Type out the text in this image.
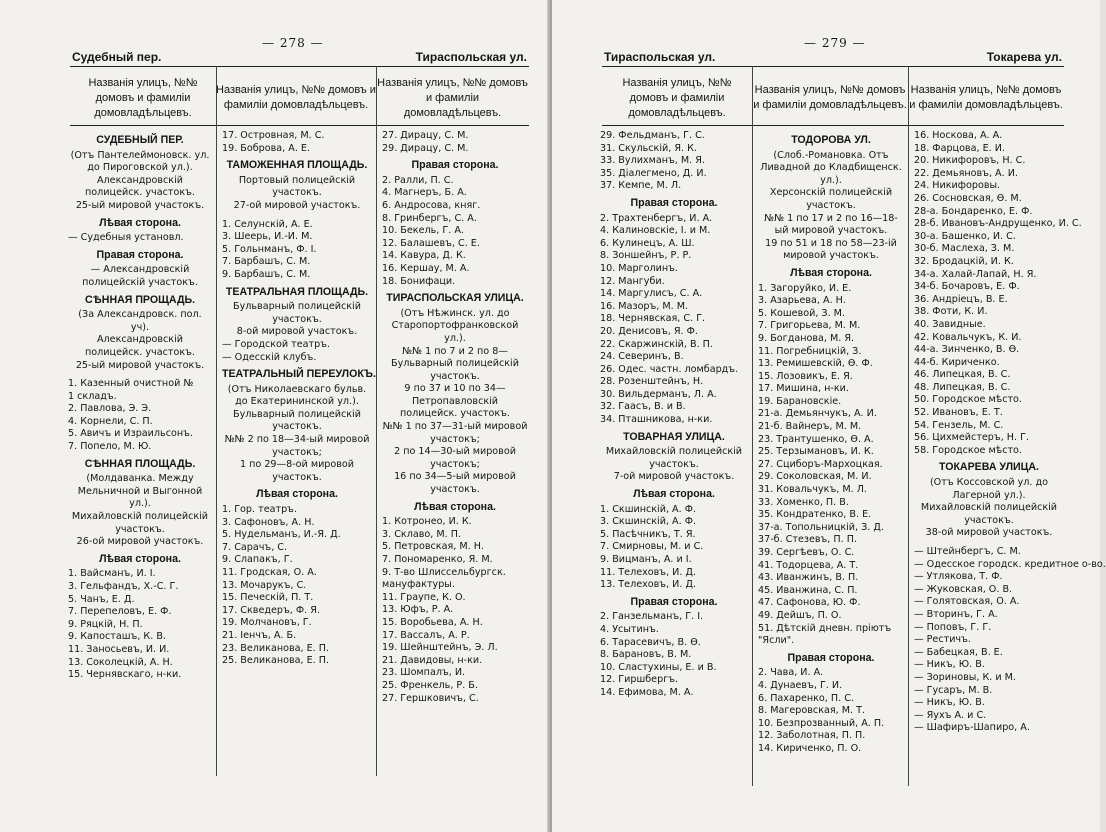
— 278 —
Судебный пер.	Тираспольская ул.
Названія улицъ, №№ домовъ и фамиліи домовладѣльцевъ.
Названія улицъ, №№ домовъ и фамиліи домовладѣльцевъ.
Названія улицъ, №№ домовъ и фамиліи домовладѣльцевъ.
СУДЕБНЫЙ ПЕР.
(Отъ Пантелеймоновск. ул. до Пироговской ул.).
Александровскій полицейск. участокъ.
25-ый мировой участокъ.
Лѣвая сторона.
— Судебныя установл.
Правая сторона.
— Александровскій полицейскій участокъ.
СѢННАЯ ПРОЩАДЬ.
(За Александровск. пол. уч).
Александровскій полицейск. участокъ.
25-ый мировой участокъ.
1. Казенный очистной №
1 складъ.
2. Павлова, Э. Э.
4. Корнели, С. П.
5. Авичъ и Израильсонъ.
7. Попело, М. Ю.
СѢННАЯ ПЛОЩАДЬ.
(Молдаванка. Между Мельничной и Выгонной ул.).
Михайловскій полицейскій участокъ.
26-ой мировой участокъ.
Лѣвая сторона.
1. Вайсманъ, И. І.
3. Гельфандъ, Х.-С. Г.
5. Чанъ, Е. Д.
7. Перепеловъ, Е. Ф.
9. Ряцкій, Н. П.
9. Капосташъ, К. В.
11. Заносьевъ, И. И.
13. Соколецкій, А. Н.
15. Чернявскаго, н-ки.
17. Островная, М. С.
19. Боброва, А. Е.
ТАМОЖЕННАЯ ПЛОЩАДЬ.
Портовый полицейскій участокъ.
27-ой мировой участокъ.
1. Селунскій, А. Е.
3. Шеерь, И.-И. М.
5. Гольнманъ, Ф. І.
7. Барбашъ, С. М.
9. Барбашъ, С. М.
ТЕАТРАЛЬНАЯ ПЛОЩАДЬ.
Бульварный полицейскій участокъ.
8-ой мировой участокъ.
— Городской театръ.
— Одесскій клубъ.
ТЕАТРАЛЬНЫЙ ПЕРЕУЛОКЪ.
(Отъ Николаевскаго бульв. до Екатерининской ул.).
Бульварный полицейскій участокъ.
№№ 2 по 18—34-ый мировой участокъ;
1 по 29—8-ой мировой участокъ.
Лѣвая сторона.
1. Гор. театръ.
3. Сафоновъ, А. Н.
5. Нудельманъ, И.-Я. Д.
7. Сарачъ, С.
9. Слапакъ, Г.
11. Гродская, О. А.
13. Мочарукъ, С.
15. Печескій, П. Т.
17. Скведеръ, Ф. Я.
19. Молчановъ, Г.
21. Іенчъ, А. Б.
23. Великанова, Е. П.
25. Великанова, Е. П.
27. Дирацу, С. М.
29. Дирацу, С. М.
Правая сторона.
2. Ралли, П. С.
4. Магнеръ, Б. А.
6. Андросова, княг.
8. Гринбергъ, С. А.
10. Бекель, Г. А.
12. Балашевъ, С. Е.
14. Кавура, Д. К.
16. Кершау, М. А.
18. Бонифаци.
ТИРАСПОЛЬСКАЯ УЛИЦА.
(Отъ Нѣжинск. ул. до Старопортофранковской ул.).
№№ 1 по 7 и 2 по 8—Бульварный полицейскій участокъ.
9 по 37 и 10 по 34—Петропавловскій полицейск. участокъ.
№№ 1 по 37—31-ый мировой участокъ;
2 по 14—30-ый мировой участокъ;
16 по 34—5-ый мировой участокъ.
Лѣвая сторона.
1. Котронео, И. К.
3. Склаво, М. П.
5. Петровская, М. Н.
7. Пономаренко, Я. М.
9. Т-во Шлиссельбургск.
мануфактуры.
11. Граупе, К. О.
13. Юфъ, Р. А.
15. Воробьева, А. Н.
17. Вассалъ, А. Р.
19. Шейнштейнъ, Э. Л.
21. Давидовы, н-ки.
23. Шомпалъ, И.
25. Френкель, Р. Б.
27. Гершковичъ, С.
— 279 —
Тираспольская ул.	Токарева ул.
Названія улицъ, №№ домовъ и фамиліи домовладѣльцевъ.
Названія улицъ, №№ домовъ и фамиліи домовладѣльцевъ.
Названія улицъ, №№ домовъ и фамиліи домовладѣльцевъ.
29. Фельдманъ, Г. С.
31. Скульскій, Я. К.
33. Вулихманъ, М. Я.
35. Діалегмено, Д. И.
37. Кемпе, М. Л.
Правая сторона.
2. Трахтенбергъ, И. А.
4. Калиновскіе, І. и М.
6. Кулинецъ, А. Ш.
8. Зоншейнъ, Р. Р.
10. Марголинъ.
12. Мангуби.
14. Маргулисъ, С. А.
16. Мазоръ, М. М.
18. Чернявская, С. Г.
20. Денисовъ, Я. Ф.
22. Скаржинскій, В. П.
24. Северинъ, В.
26. Одес. частн. ломбардъ.
28. Розенштейнъ, Н.
30. Вильдерманъ, Л. А.
32. Гаасъ, В. и В.
34. Пташникова, н-ки.
ТОВАРНАЯ УЛИЦА.
Михайловскій полицейскій участокъ.
7-ой мировой участокъ.
Лѣвая сторона.
1. Скшинскій, А. Ф.
3. Скшинскій, А. Ф.
5. Пасѣчникъ, Т. Я.
7. Смирновы, М. и С.
9. Вицманъ, А. и І.
11. Телеховъ, И. Д.
13. Телеховъ, И. Д.
Правая сторона.
2. Ганзельманъ, Г. І.
4. Усытинъ.
6. Тарасевичъ, В. Ѳ.
8. Барановъ, В. М.
10. Сластухины, Е. и В.
12. Гиршбергъ.
14. Ефимова, М. А.
ТОДОРОВА УЛ.
(Слоб.-Романовка. Отъ Ливадной до Кладбищенск. ул.).
Херсонскій полицейскій участокъ.
№№ 1 по 17 и 2 по 16—18-ый мировой участокъ.
19 по 51 и 18 по 58—23-ій мировой участокъ.
Лѣвая сторона.
1. Загоруйко, И. Е.
3. Азарьева, А. Н.
5. Кошевой, З. М.
7. Григорьева, М. М.
9. Богданова, М. Я.
11. Погребницкій, З.
13. Ремишевскій, Ѳ. Ф.
15. Лозовикъ, Е. Я.
17. Мишина, н-ки.
19. Барановскіе.
21-а. Демьянчукъ, А. И.
21-б. Вайнеръ, М. М.
23. Трантушенко, Ѳ. А.
25. Терзымановъ, И. К.
27. Сциборъ-Мархоцкая.
29. Соколовская, М. И.
31. Ковальчукъ, М. Л.
33. Хоменко, П. В.
35. Кондратенко, В. Е.
37-а. Топольницкій, З. Д.
37-б. Стезевъ, П. П.
39. Сергѣевъ, О. С.
41. Тодорцева, А. Т.
43. Иванжинъ, В. П.
45. Иванжина, С. П.
47. Сафонова, Ю. Ф.
49. Дейшъ, П. О.
51. Дѣтскій дневн. пріютъ
"Ясли".
Правая сторона.
2. Чава, И. А.
4. Дунаевъ, Г. И.
6. Пахаренко, П. С.
8. Магеровская, М. Т.
10. Безпрозванный, А. П.
12. Заболотная, П. П.
14. Кириченко, П. О.
16. Носкова, А. А.
18. Фарцова, Е. И.
20. Никифоровъ, Н. С.
22. Демьяновъ, А. И.
24. Никифоровы.
26. Сосновская, Ѳ. М.
28-а. Бондаренко, Е. Ф.
28-б. Ивановъ-Андрущенко, И. С.
30-а. Башенко, И. С.
30-б. Маслеха, З. М.
32. Бродацкій, И. К.
34-а. Халай-Лапай, Н. Я.
34-б. Бочаровъ, Е. Ф.
36. Андріецъ, В. Е.
38. Фоти, К. И.
40. Завидные.
42. Ковальчукъ, К. И.
44-а. Зинченко, В. Ѳ.
44-б. Кириченко.
46. Липецкая, В. С.
48. Липецкая, В. С.
50. Городское мѣсто.
52. Ивановъ, Е. Т.
54. Гензель, М. С.
56. Цихмейстеръ, Н. Г.
58. Городское мѣсто.
ТОКАРЕВА УЛИЦА.
(Отъ Коссовской ул. до Лагерной ул.).
Михайловскій полицейскій участокъ.
38-ой мировой участокъ.
— Штейнбергъ, С. М.
— Одесское городск. кредитное о-во.
— Утлякова, Т. Ф.
— Жуковская, О. В.
— Голятовская, О. А.
— Вторинъ, Г. А.
— Поповъ, Г. Г.
— Рестичъ.
— Бабецкая, В. Е.
— Никъ, Ю. В.
— Зориновы, К. и М.
— Гусаръ, М. В.
— Никъ, Ю. В.
— Яухъ А. и С.
— Шафиръ-Шапиро, А.
